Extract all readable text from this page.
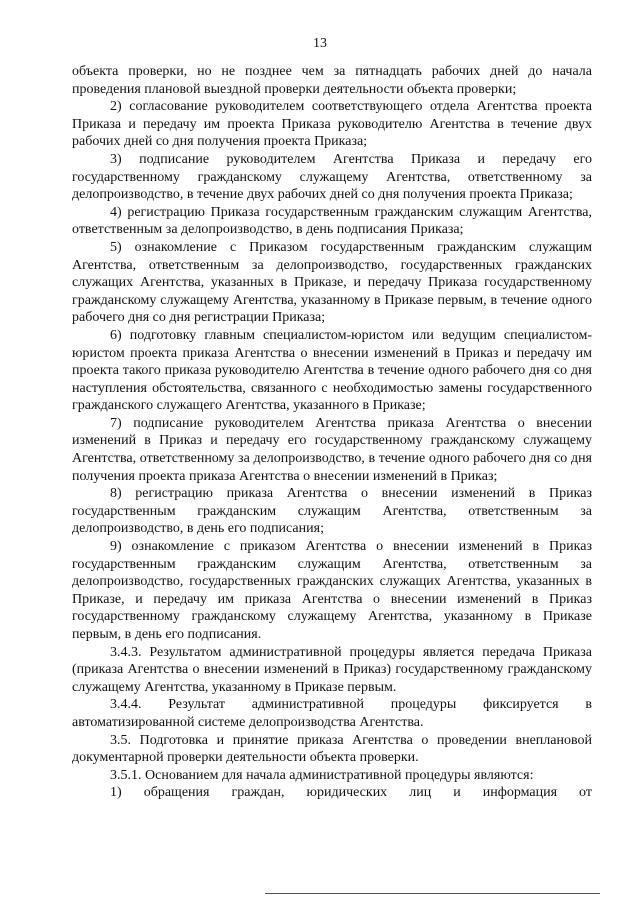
13

объекта проверки, но не позднее чем за пятнадцать рабочих дней до начала проведения плановой выездной проверки деятельности объекта проверки;

2) согласование руководителем соответствующего отдела Агентства проекта Приказа и передачу им проекта Приказа руководителю Агентства в течение двух рабочих дней со дня получения проекта Приказа;

3) подписание руководителем Агентства Приказа и передачу его государственному гражданскому служащему Агентства, ответственному за делопроизводство, в течение двух рабочих дней со дня получения проекта Приказа;

4) регистрацию Приказа государственным гражданским служащим Агентства, ответственным за делопроизводство, в день подписания Приказа;

5) ознакомление с Приказом государственным гражданским служащим Агентства, ответственным за делопроизводство, государственных гражданских служащих Агентства, указанных в Приказе, и передачу Приказа государственному гражданскому служащему Агентства, указанному в Приказе первым, в течение одного рабочего дня со дня регистрации Приказа;

6) подготовку главным специалистом-юристом или ведущим специалистом-юристом проекта приказа Агентства о внесении изменений в Приказ и передачу им проекта такого приказа руководителю Агентства в течение одного рабочего дня со дня наступления обстоятельства, связанного с необходимостью замены государственного гражданского служащего Агентства, указанного в Приказе;

7) подписание руководителем Агентства приказа Агентства о внесении изменений в Приказ и передачу его государственному гражданскому служащему Агентства, ответственному за делопроизводство, в течение одного рабочего дня со дня получения проекта приказа Агентства о внесении изменений в Приказ;

8) регистрацию приказа Агентства о внесении изменений в Приказ государственным гражданским служащим Агентства, ответственным за делопроизводство, в день его подписания;

9) ознакомление с приказом Агентства о внесении изменений в Приказ государственным гражданским служащим Агентства, ответственным за делопроизводство, государственных гражданских служащих Агентства, указанных в Приказе, и передачу им приказа Агентства о внесении изменений в Приказ государственному гражданскому служащему Агентства, указанному в Приказе первым, в день его подписания.

3.4.3. Результатом административной процедуры является передача Приказа (приказа Агентства о внесении изменений в Приказ) государственному гражданскому служащему Агентства, указанному в Приказе первым.

3.4.4. Результат административной процедуры фиксируется в автоматизированной системе делопроизводства Агентства.

3.5. Подготовка и принятие приказа Агентства о проведении внеплановой документарной проверки деятельности объекта проверки.

3.5.1. Основанием для начала административной процедуры являются:

1) обращения граждан, юридических лиц и информация от
